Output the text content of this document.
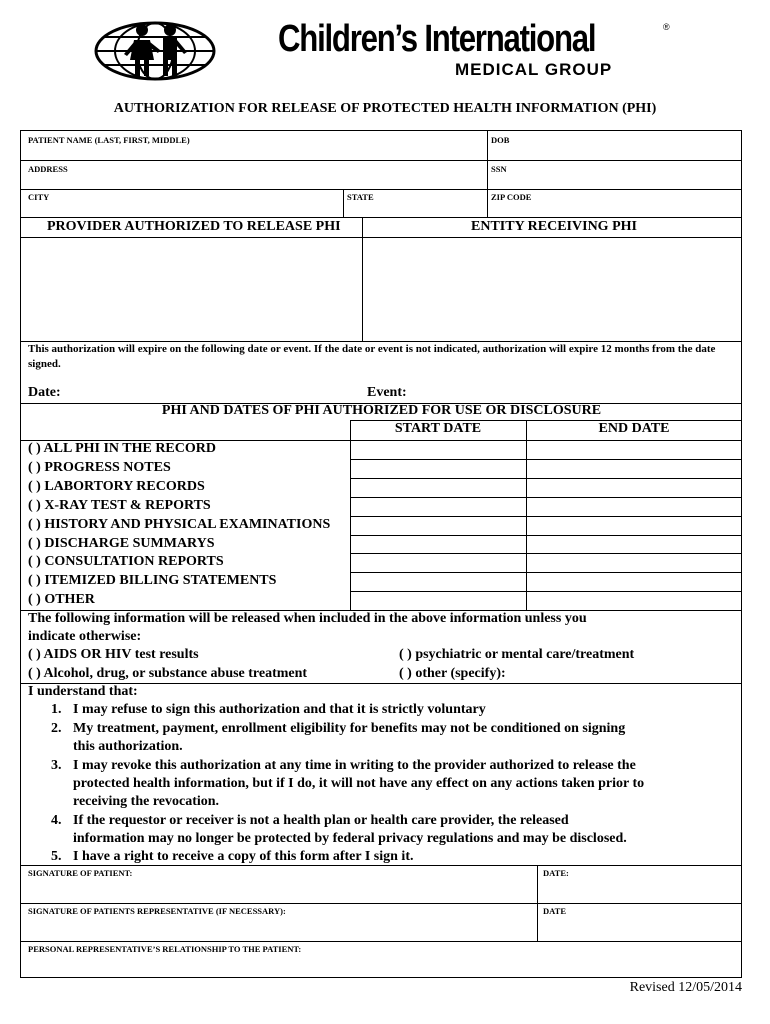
Children’s International	®
MEDICAL GROUP
AUTHORIZATION FOR RELEASE OF PROTECTED HEALTH INFORMATION (PHI)
PATIENT NAME (LAST, FIRST, MIDDLE)	DOB
ADDRESS	SSN
CITY	STATE	ZIP CODE
PROVIDER AUTHORIZED TO RELEASE PHI	ENTITY RECEIVING PHI
This authorization will expire on the following date or event. If the date or event is not indicated, authorization will expire 12 months from the date signed.
Date:	Event:
PHI AND DATES OF PHI AUTHORIZED FOR USE OR DISCLOSURE
START DATE	END DATE
( ) ALL PHI IN THE RECORD
( ) PROGRESS NOTES
( ) LABORTORY RECORDS
( ) X-RAY TEST & REPORTS
( ) HISTORY AND PHYSICAL EXAMINATIONS
( ) DISCHARGE SUMMARYS
( ) CONSULTATION REPORTS
( ) ITEMIZED BILLING STATEMENTS
( ) OTHER
The following information will be released when included in the above information unless you
indicate otherwise:
( ) AIDS OR HIV test results	( ) psychiatric or mental care/treatment
( ) Alcohol, drug, or substance abuse treatment	( ) other (specify):
I understand that:
1. I may refuse to sign this authorization and that it is strictly voluntary
2. My treatment, payment, enrollment eligibility for benefits may not be conditioned on signing
this authorization.
3. I may revoke this authorization at any time in writing to the provider authorized to release the
protected health information, but if I do, it will not have any effect on any actions taken prior to
receiving the revocation.
4. If the requestor or receiver is not a health plan or health care provider, the released
information may no longer be protected by federal privacy regulations and may be disclosed.
5. I have a right to receive a copy of this form after I sign it.
SIGNATURE OF PATIENT:	DATE:
SIGNATURE OF PATIENTS REPRESENTATIVE (IF NECESSARY):	DATE
PERSONAL REPRESENTATIVE’S RELATIONSHIP TO THE PATIENT:
Revised 12/05/2014
